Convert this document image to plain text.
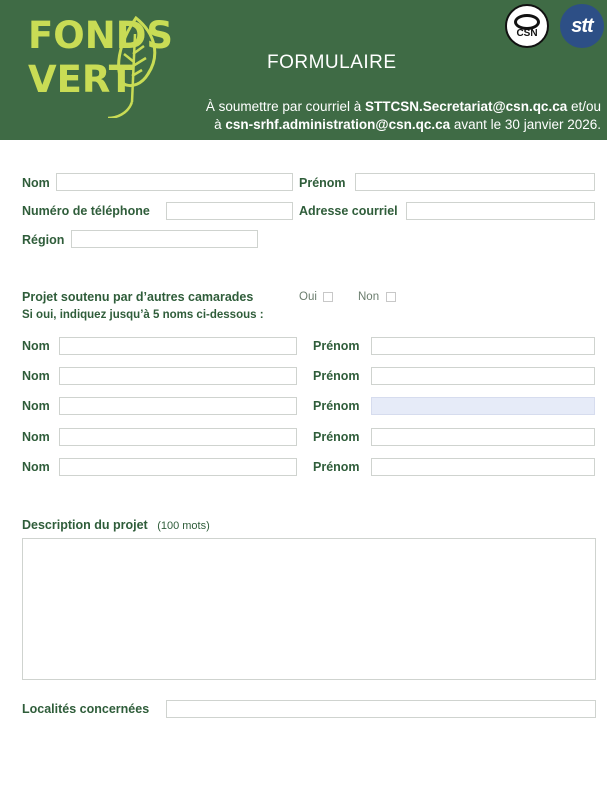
FONDS
VERT	FORMULAIRE
À soumettre par courriel à STTCSN.Secretariat@csn.qc.ca et/ou
à csn-srhf.administration@csn.qc.ca avant le 30 janvier 2026.
CSN stt
Nom	Prénom
Numéro de téléphone	Adresse courriel
Région
Projet soutenu par d’autres camarades	Oui	Non
Si oui, indiquez jusqu’à 5 noms ci-dessous :
Nom	Prénom
Nom	Prénom
Nom	Prénom
Nom	Prénom
Nom	Prénom
Description du projet (100 mots)
Localités concernées
